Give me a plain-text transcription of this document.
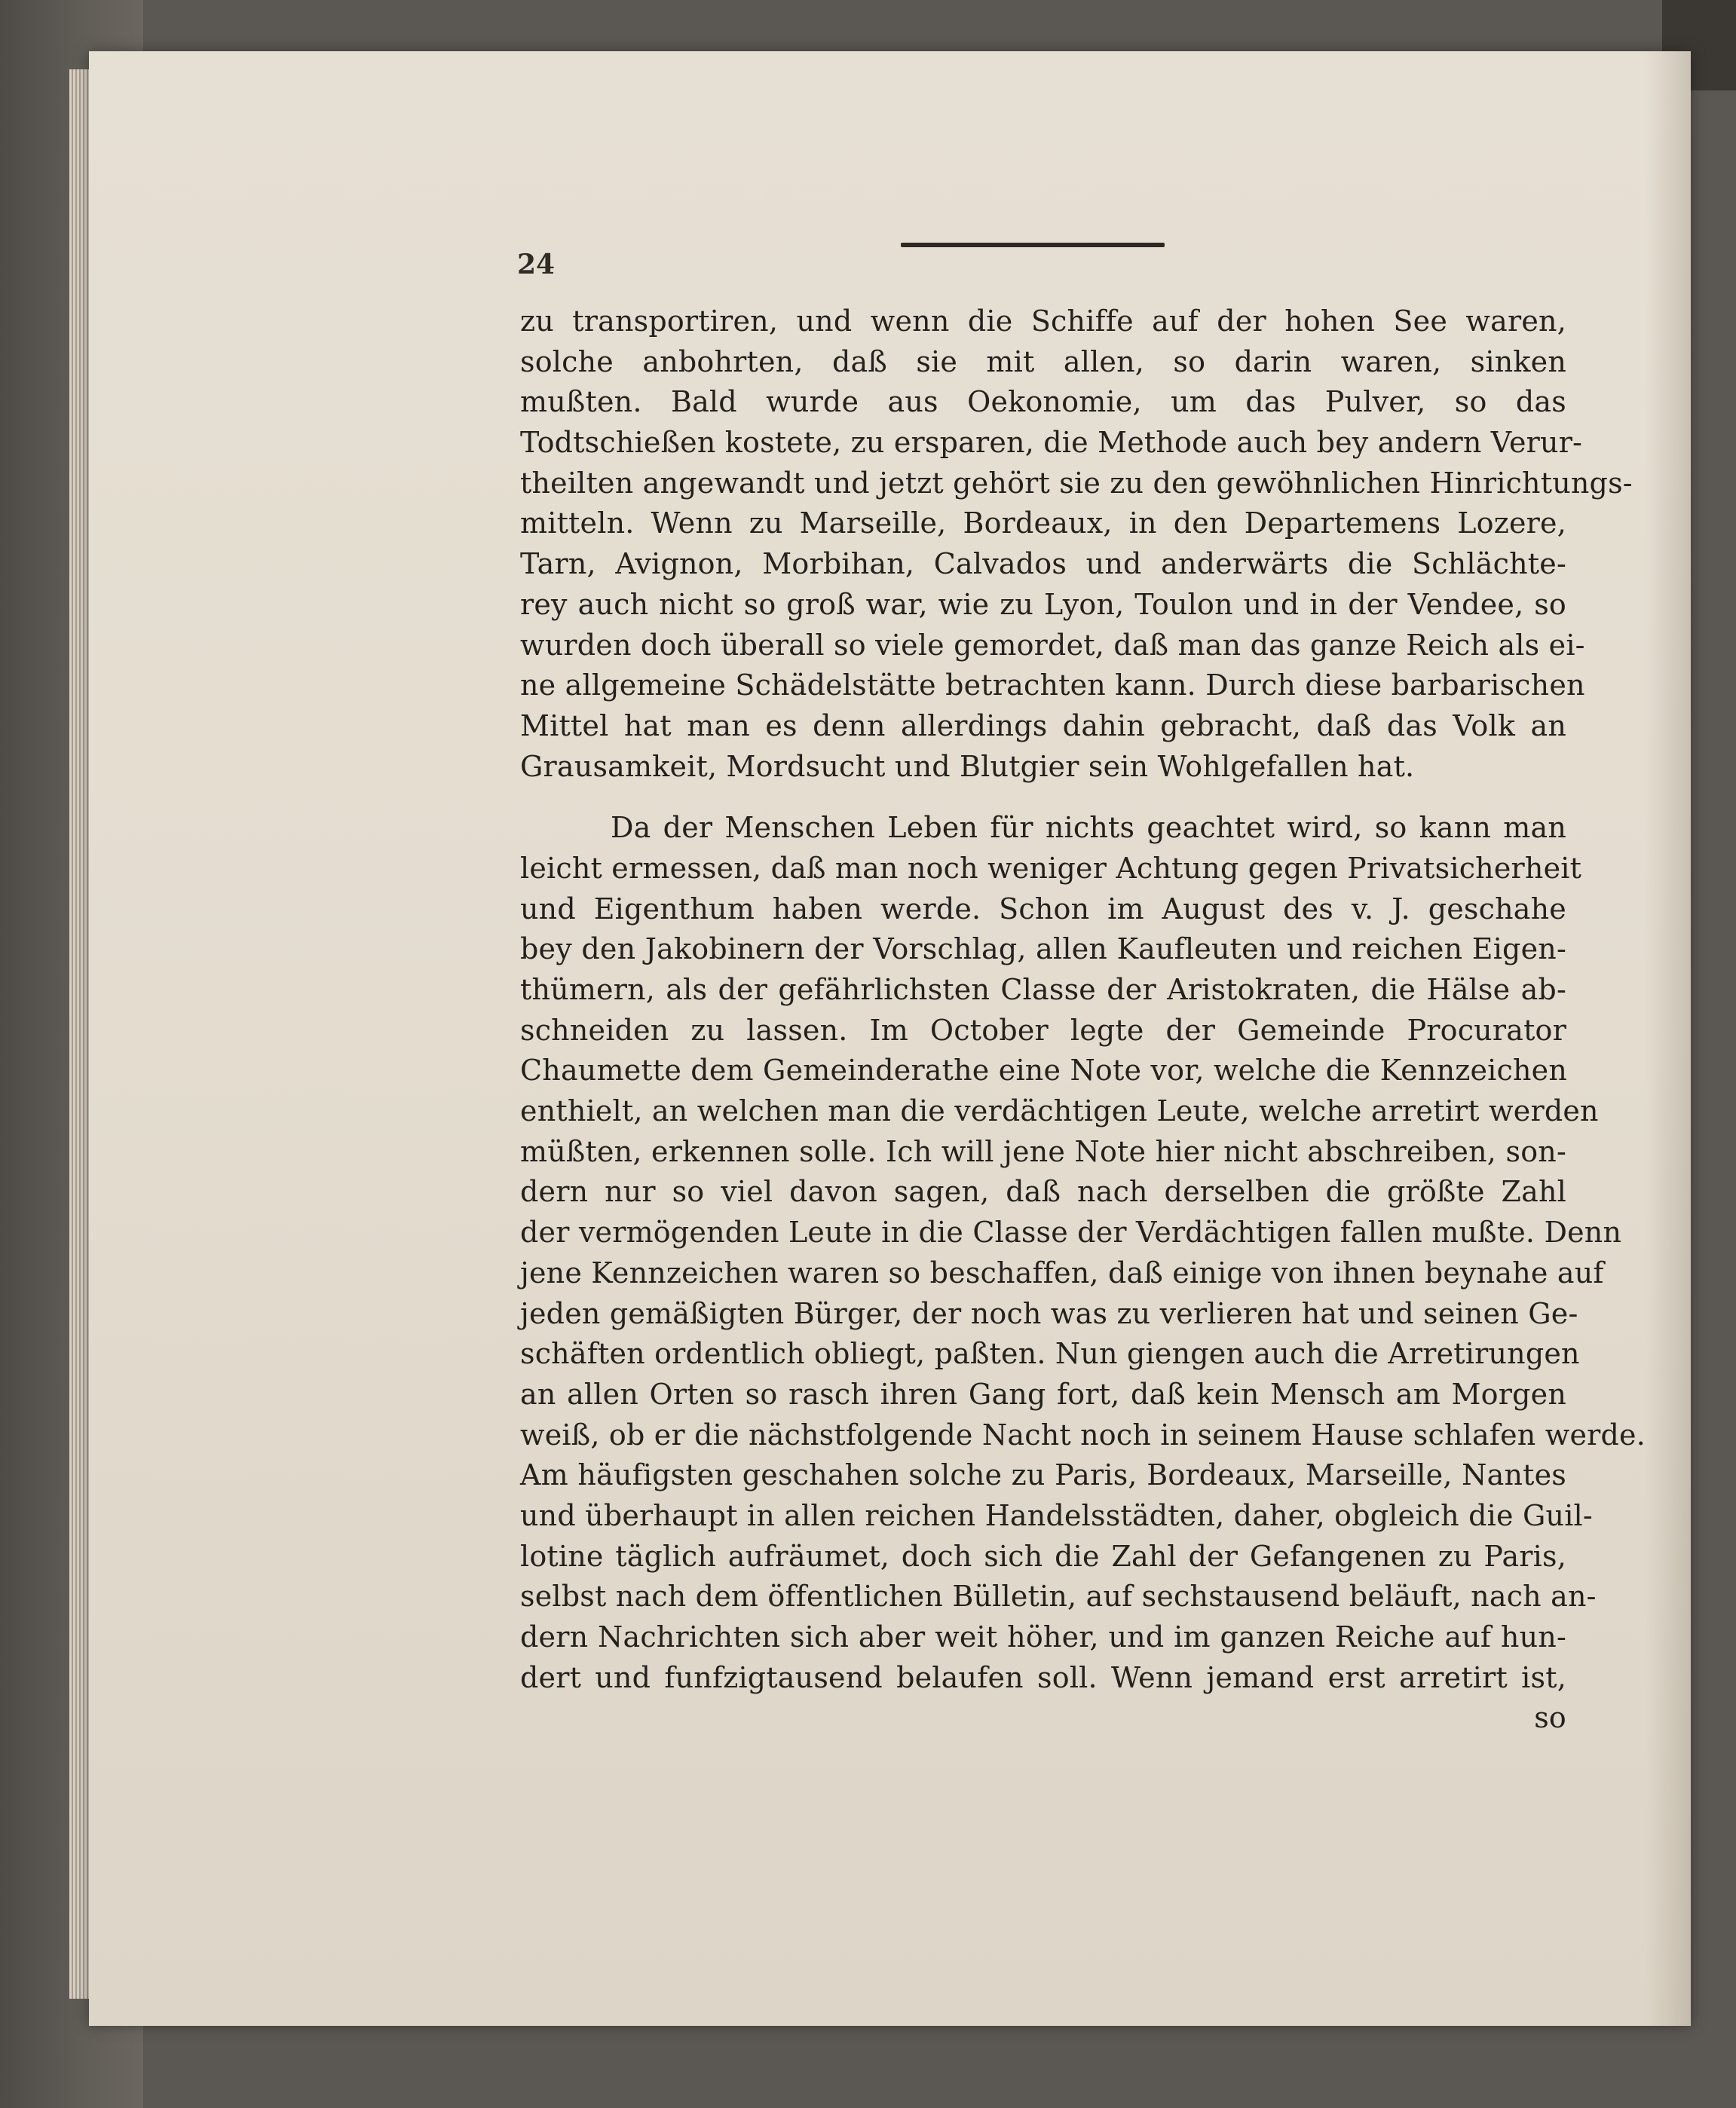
24
zu transportiren, und wenn die Schiffe auf der hohen See waren,
solche anbohrten, daß sie mit allen, so darin waren, sinken
mußten. Bald wurde aus Oekonomie, um das Pulver, so das
Todtschießen kostete, zu ersparen, die Methode auch bey andern Verur-
theilten angewandt und jetzt gehört sie zu den gewöhnlichen Hinrichtungs-
mitteln. Wenn zu Marseille, Bordeaux, in den Departemens Lozere,
Tarn, Avignon, Morbihan, Calvados und anderwärts die Schlächte-
rey auch nicht so groß war, wie zu Lyon, Toulon und in der Vendee, so
wurden doch überall so viele gemordet, daß man das ganze Reich als ei-
ne allgemeine Schädelstätte betrachten kann. Durch diese barbarischen
Mittel hat man es denn allerdings dahin gebracht, daß das Volk an
Grausamkeit, Mordsucht und Blutgier sein Wohlgefallen hat.
Da der Menschen Leben für nichts geachtet wird, so kann man
leicht ermessen, daß man noch weniger Achtung gegen Privatsicherheit
und Eigenthum haben werde. Schon im August des v. J. geschahe
bey den Jakobinern der Vorschlag, allen Kaufleuten und reichen Eigen-
thümern, als der gefährlichsten Classe der Aristokraten, die Hälse ab-
schneiden zu lassen. Im October legte der Gemeinde Procurator
Chaumette dem Gemeinderathe eine Note vor, welche die Kennzeichen
enthielt, an welchen man die verdächtigen Leute, welche arretirt werden
müßten, erkennen solle. Ich will jene Note hier nicht abschreiben, son-
dern nur so viel davon sagen, daß nach derselben die größte Zahl
der vermögenden Leute in die Classe der Verdächtigen fallen mußte. Denn
jene Kennzeichen waren so beschaffen, daß einige von ihnen beynahe auf
jeden gemäßigten Bürger, der noch was zu verlieren hat und seinen Ge-
schäften ordentlich obliegt, paßten. Nun giengen auch die Arretirungen
an allen Orten so rasch ihren Gang fort, daß kein Mensch am Morgen
weiß, ob er die nächstfolgende Nacht noch in seinem Hause schlafen werde.
Am häufigsten geschahen solche zu Paris, Bordeaux, Marseille, Nantes
und überhaupt in allen reichen Handelsstädten, daher, obgleich die Guil-
lotine täglich aufräumet, doch sich die Zahl der Gefangenen zu Paris,
selbst nach dem öffentlichen Bülletin, auf sechstausend beläuft, nach an-
dern Nachrichten sich aber weit höher, und im ganzen Reiche auf hun-
dert und funfzigtausend belaufen soll. Wenn jemand erst arretirt ist,
so
